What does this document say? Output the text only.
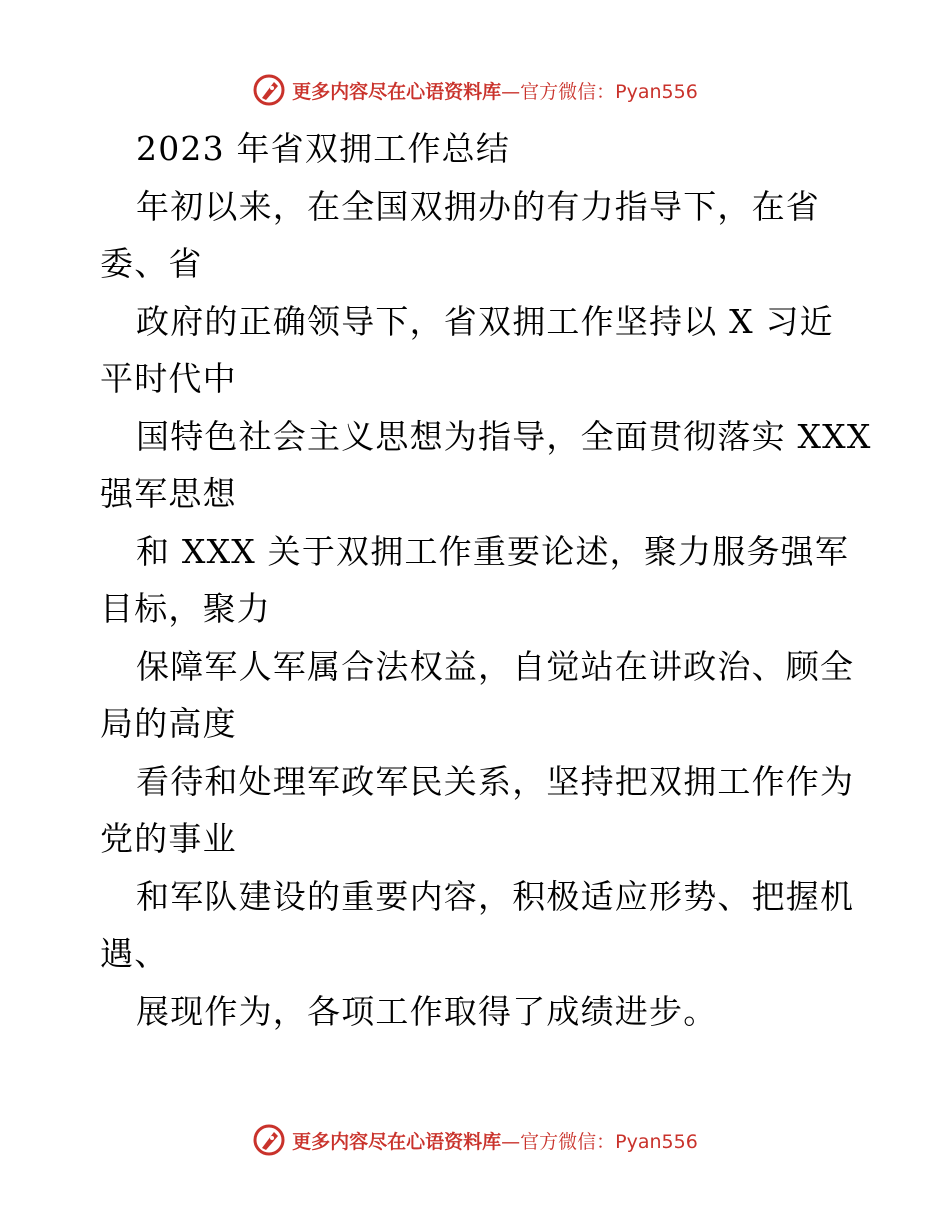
更多内容尽在心语资料库—官方微信：Pyan556
2023 年省双拥工作总结
年初以来，在全国双拥办的有力指导下，在省
委、省
政府的正确领导下，省双拥工作坚持以 X 习近
平时代中
国特色社会主义思想为指导，全面贯彻落实 XXX
强军思想
和 XXX 关于双拥工作重要论述，聚力服务强军
目标，聚力
保障军人军属合法权益，自觉站在讲政治、顾全
局的高度
看待和处理军政军民关系，坚持把双拥工作作为
党的事业
和军队建设的重要内容，积极适应形势、把握机
遇、
展现作为，各项工作取得了成绩进步。
更多内容尽在心语资料库—官方微信：Pyan556
